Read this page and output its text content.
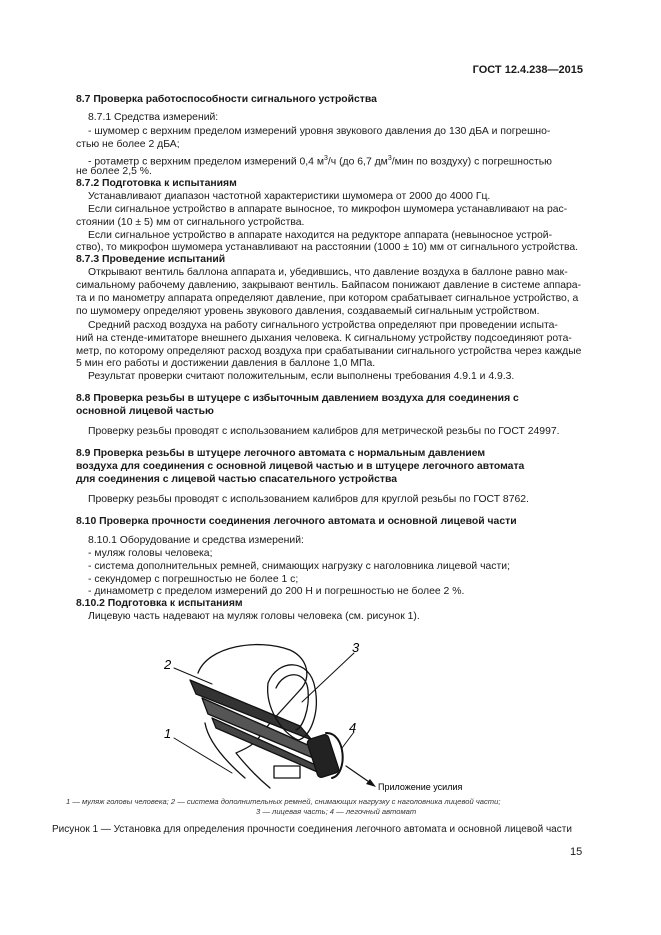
ГОСТ 12.4.238—2015
8.7 Проверка работоспособности сигнального устройства
8.7.1 Средства измерений:
- шумомер с верхним пределом измерений уровня звукового давления до 130 дБА и погрешно-
стью не более 2 дБА;
- ротаметр с верхним пределом измерений 0,4 $м^3/ч$ (до 6,7 $дм^3$/мин по воздуху) с погрешностью
не более 2,5 %.
8.7.2 Подготовка к испытаниям
Устанавливают диапазон частотной характеристики шумомера от 2000 до 4000 Гц.
Если сигнальное устройство в аппарате выносное, то микрофон шумомера устанавливают на рас-
стоянии (10 ± 5) мм от сигнального устройства.
Если сигнальное устройство в аппарате находится на редукторе аппарата (невыносное устрой-
ство), то микрофон шумомера устанавливают на расстоянии (1000 ± 10) мм от сигнального устройства.
8.7.3 Проведение испытаний
Открывают вентиль баллона аппарата и, убедившись, что давление воздуха в баллоне равно мак-
симальному рабочему давлению, закрывают вентиль. Байпасом понижают давление в системе аппара-
та и по манометру аппарата определяют давление, при котором срабатывает сигнальное устройство, а
по шумомеру определяют уровень звукового давления, создаваемый сигнальным устройством.
Средний расход воздуха на работу сигнального устройства определяют при проведении испыта-
ний на стенде-имитаторе внешнего дыхания человека. К сигнальному устройству подсоединяют рота-
метр, по которому определяют расход воздуха при срабатывании сигнального устройства через каждые
5 мин его работы и достижении давления в баллоне 1,0 МПа.
Результат проверки считают положительным, если выполнены требования 4.9.1 и 4.9.3.
8.8 Проверка резьбы в штуцере с избыточным давлением воздуха для соединения с
основной лицевой частью
Проверку резьбы проводят с использованием калибров для метрической резьбы по ГОСТ 24997.
8.9 Проверка резьбы в штуцере легочного автомата с нормальным давлением
воздуха для соединения с основной лицевой частью и в штуцере легочного автомата
для соединения с лицевой частью спасательного устройства
Проверку резьбы проводят с использованием калибров для круглой резьбы по ГОСТ 8762.
8.10 Проверка прочности соединения легочного автомата и основной лицевой части
8.10.1 Оборудование и средства измерений:
- муляж головы человека;
- система дополнительных ремней, снимающих нагрузку с наголовника лицевой части;
- секундомер с погрешностью не более 1 с;
- динамометр с пределом измерений до 200 Н и погрешностью не более 2 %.
8.10.2 Подготовка к испытаниям
Лицевую часть надевают на муляж головы человека (см. рисунок 1).
1
2
3
4
Приложение усилия
1 — муляж головы человека; 2 — система дополнительных ремней, снимающих нагрузку с наголовника лицевой части;
3 — лицевая часть; 4 — легочный автомат
Рисунок 1 — Установка для определения прочности соединения легочного автомата и основной лицевой части
15
